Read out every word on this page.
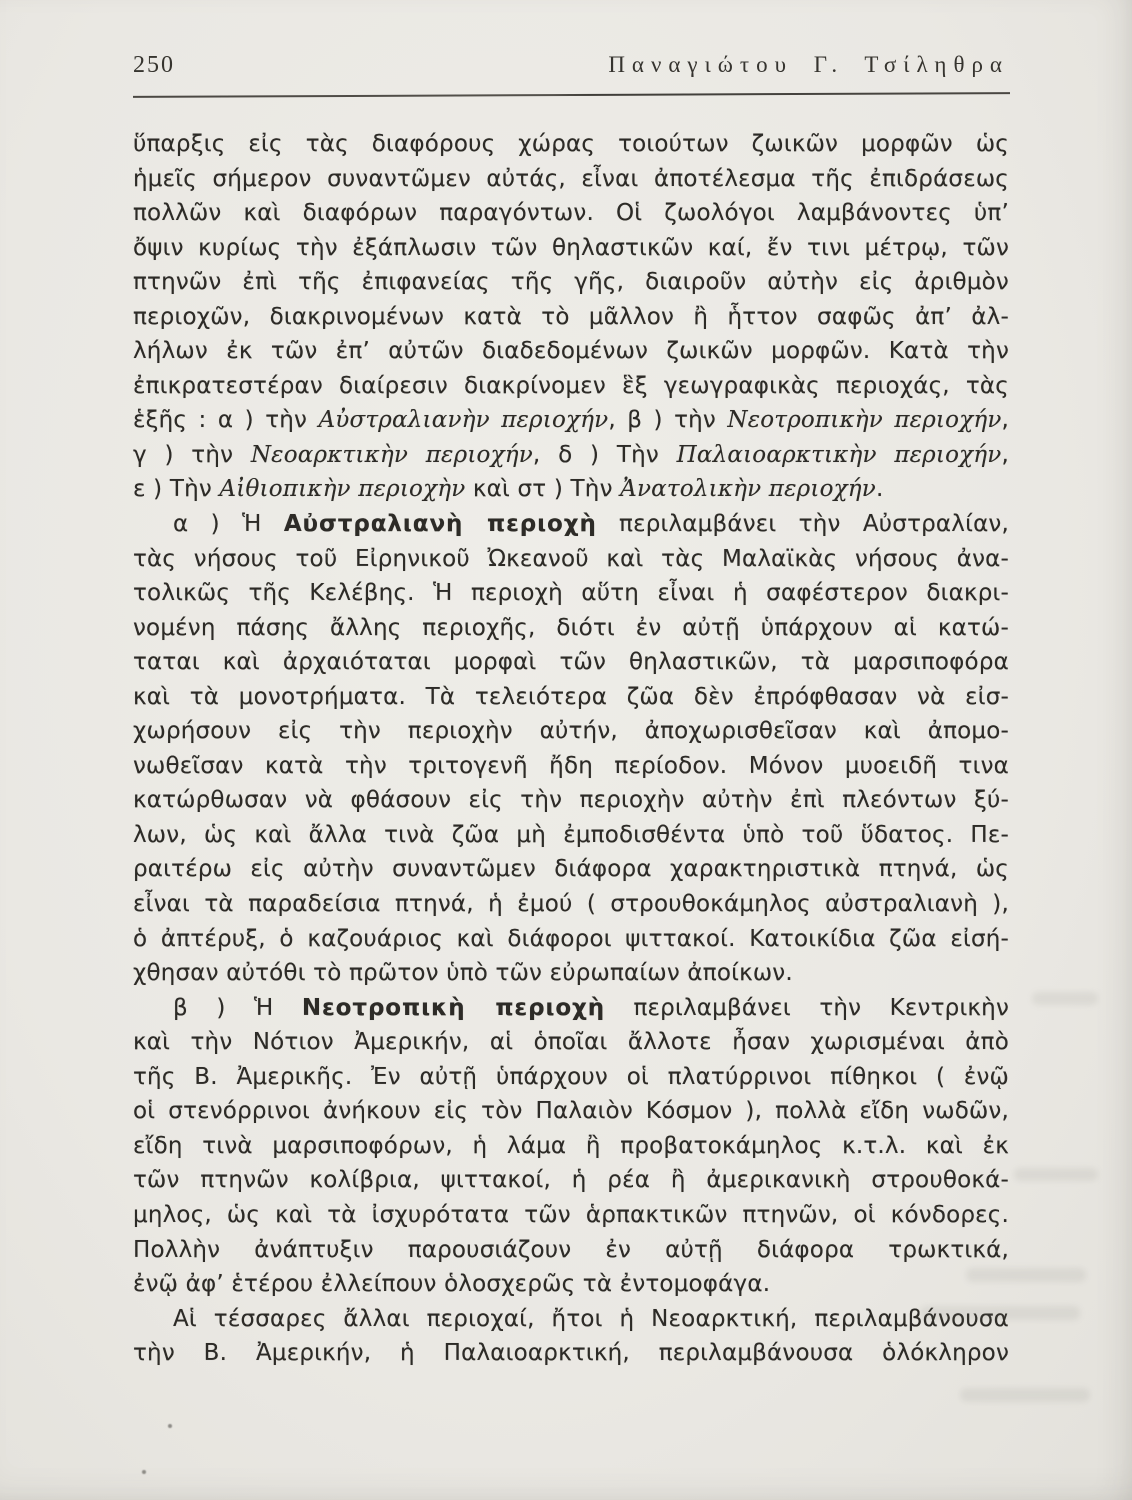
250	Παναγιώτου Γ. Τσίληθρα
ὕπαρξις εἰς τὰς διαφόρους χώρας τοιούτων ζωικῶν μορφῶν ὡς
ἡμεῖς σήμερον συναντῶμεν αὐτάς, εἶναι ἀποτέλεσμα τῆς ἐπιδράσεως
πολλῶν καὶ διαφόρων παραγόντων. Οἱ ζωολόγοι λαμβάνοντες ὑπ’
ὄψιν κυρίως τὴν ἐξάπλωσιν τῶν θηλαστικῶν καί, ἔν τινι μέτρῳ, τῶν
πτηνῶν ἐπὶ τῆς ἐπιφανείας τῆς γῆς, διαιροῦν αὐτὴν εἰς ἀριθμὸν
περιοχῶν, διακρινομένων κατὰ τὸ μᾶλλον ἢ ἧττον σαφῶς ἀπ’ ἀλ-
λήλων ἐκ τῶν ἐπ’ αὐτῶν διαδεδομένων ζωικῶν μορφῶν. Κατὰ τὴν
ἐπικρατεστέραν διαίρεσιν διακρίνομεν ἓξ γεωγραφικὰς περιοχάς, τὰς
ἑξῆς : α ) τὴν Αὐστραλιανὴν περιοχήν, β ) τὴν Νεοτροπικὴν περιοχήν,
γ ) τὴν Νεοαρκτικὴν περιοχήν, δ ) Τὴν Παλαιοαρκτικὴν περιοχήν,
ε ) Τὴν Αἰθιοπικὴν περιοχὴν καὶ στ ) Τὴν Ἀνατολικὴν περιοχήν.
α ) Ἡ Αὐστραλιανὴ περιοχὴ περιλαμβάνει τὴν Αὐστραλίαν,
τὰς νήσους τοῦ Εἰρηνικοῦ Ὠκεανοῦ καὶ τὰς Μαλαϊκὰς νήσους ἀνα-
τολικῶς τῆς Κελέβης. Ἡ περιοχὴ αὕτη εἶναι ἡ σαφέστερον διακρι-
νομένη πάσης ἄλλης περιοχῆς, διότι ἐν αὐτῇ ὑπάρχουν αἱ κατώ-
ταται καὶ ἀρχαιόταται μορφαὶ τῶν θηλαστικῶν, τὰ μαρσιποφόρα
καὶ τὰ μονοτρήματα. Τὰ τελειότερα ζῶα δὲν ἐπρόφθασαν νὰ εἰσ-
χωρήσουν εἰς τὴν περιοχὴν αὐτήν, ἀποχωρισθεῖσαν καὶ ἀπομο-
νωθεῖσαν κατὰ τὴν τριτογενῆ ἤδη περίοδον. Μόνον μυοειδῆ τινα
κατώρθωσαν νὰ φθάσουν εἰς τὴν περιοχὴν αὐτὴν ἐπὶ πλεόντων ξύ-
λων, ὡς καὶ ἄλλα τινὰ ζῶα μὴ ἐμποδισθέντα ὑπὸ τοῦ ὕδατος. Πε-
ραιτέρω εἰς αὐτὴν συναντῶμεν διάφορα χαρακτηριστικὰ πτηνά, ὡς
εἶναι τὰ παραδείσια πτηνά, ἡ ἐμού ( στρουθοκάμηλος αὐστραλιανὴ ),
ὁ ἀπτέρυξ, ὁ καζουάριος καὶ διάφοροι ψιττακοί. Κατοικίδια ζῶα εἰσή-
χθησαν αὐτόθι τὸ πρῶτον ὑπὸ τῶν εὐρωπαίων ἀποίκων.
β ) Ἡ Νεοτροπικὴ περιοχὴ περιλαμβάνει τὴν Κεντρικὴν
καὶ τὴν Νότιον Ἀμερικήν, αἱ ὁποῖαι ἄλλοτε ἦσαν χωρισμέναι ἀπὸ
τῆς Β. Ἀμερικῆς. Ἐν αὐτῇ ὑπάρχουν οἱ πλατύρρινοι πίθηκοι ( ἐνῷ
οἱ στενόρρινοι ἀνήκουν εἰς τὸν Παλαιὸν Κόσμον ), πολλὰ εἴδη νωδῶν,
εἴδη τινὰ μαρσιποφόρων, ἡ λάμα ἢ προβατοκάμηλος κ.τ.λ. καὶ ἐκ
τῶν πτηνῶν κολίβρια, ψιττακοί, ἡ ρέα ἢ ἀμερικανικὴ στρουθοκά-
μηλος, ὡς καὶ τὰ ἰσχυρότατα τῶν ἁρπακτικῶν πτηνῶν, οἱ κόνδορες.
Πολλὴν ἀνάπτυξιν παρουσιάζουν ἐν αὐτῇ διάφορα τρωκτικά,
ἐνῷ ἀφ’ ἑτέρου ἐλλείπουν ὁλοσχερῶς τὰ ἐντομοφάγα.
Αἱ τέσσαρες ἄλλαι περιοχαί, ἤτοι ἡ Νεοαρκτική, περιλαμβάνουσα
τὴν Β. Ἀμερικήν, ἡ Παλαιοαρκτική, περιλαμβάνουσα ὁλόκληρον
